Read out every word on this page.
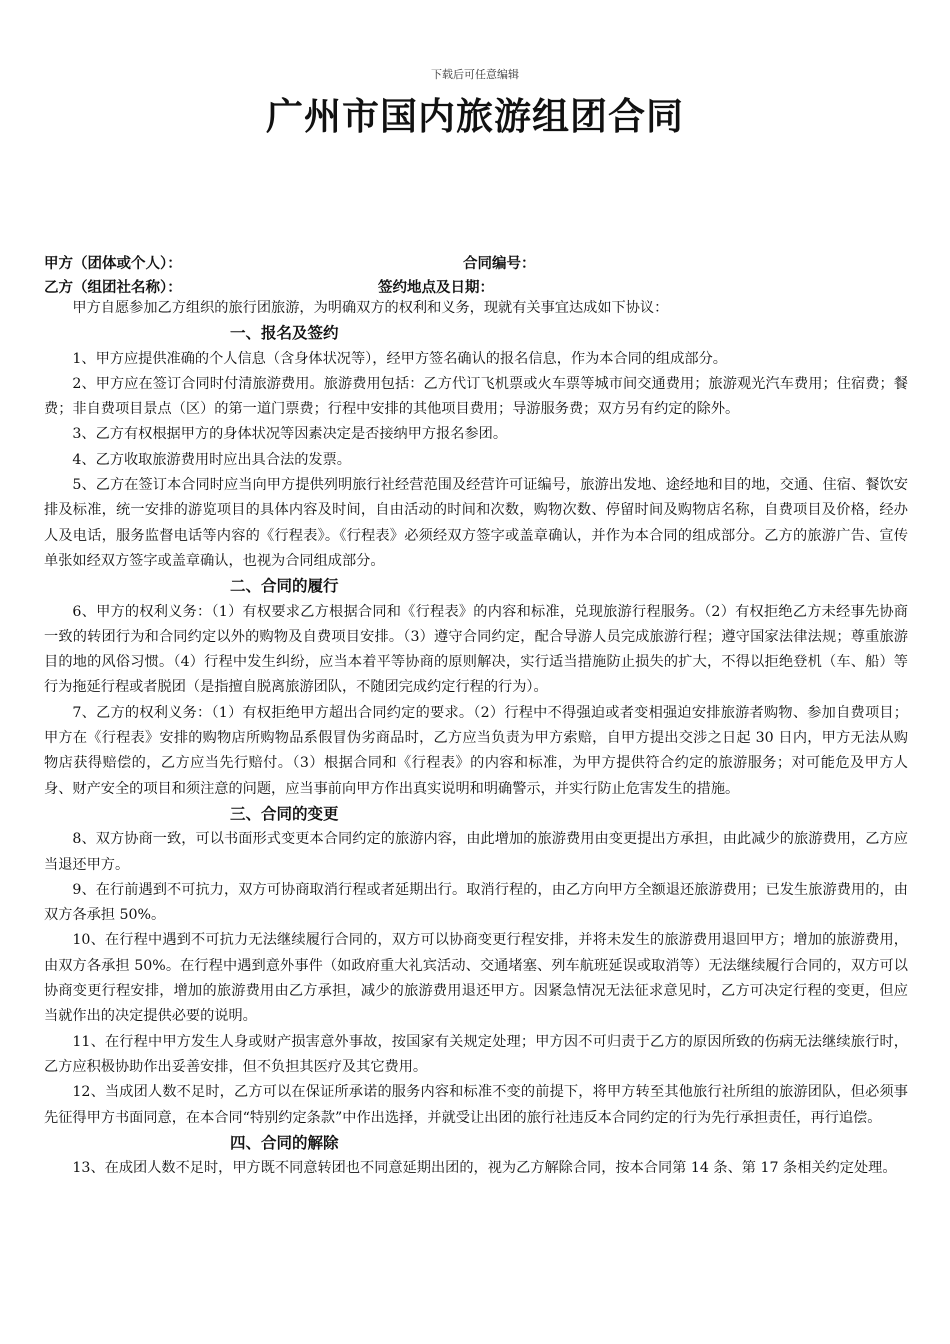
下载后可任意编辑
广州市国内旅游组团合同
甲方（团体或个人）：	合同编号：
乙方（组团社名称）：	签约地点及日期：

甲方自愿参加乙方组织的旅行团旅游，为明确双方的权利和义务，现就有关事宜达成如下协议：

一、报名及签约

1、甲方应提供准确的个人信息（含身体状况等），经甲方签名确认的报名信息，作为本合同的组成部分。

2、甲方应在签订合同时付清旅游费用。旅游费用包括：乙方代订飞机票或火车票等城市间交通费用；旅游观光汽车费用；住宿费；餐费；非自费项目景点（区）的第一道门票费；行程中安排的其他项目费用；导游服务费；双方另有约定的除外。

3、乙方有权根据甲方的身体状况等因素决定是否接纳甲方报名参团。

4、乙方收取旅游费用时应出具合法的发票。

5、乙方在签订本合同时应当向甲方提供列明旅行社经营范围及经营许可证编号，旅游出发地、途经地和目的地，交通、住宿、餐饮安排及标准，统一安排的游览项目的具体内容及时间，自由活动的时间和次数，购物次数、停留时间及购物店名称，自费项目及价格，经办人及电话，服务监督电话等内容的《行程表》。《行程表》必须经双方签字或盖章确认，并作为本合同的组成部分。乙方的旅游广告、宣传单张如经双方签字或盖章确认，也视为合同组成部分。

二、合同的履行

6、甲方的权利义务：（1）有权要求乙方根据合同和《行程表》的内容和标准，兑现旅游行程服务。（2）有权拒绝乙方未经事先协商一致的转团行为和合同约定以外的购物及自费项目安排。（3）遵守合同约定，配合导游人员完成旅游行程；遵守国家法律法规；尊重旅游目的地的风俗习惯。（4）行程中发生纠纷，应当本着平等协商的原则解决，实行适当措施防止损失的扩大，不得以拒绝登机（车、船）等行为拖延行程或者脱团（是指擅自脱离旅游团队，不随团完成约定行程的行为）。

7、乙方的权利义务：（1）有权拒绝甲方超出合同约定的要求。（2）行程中不得强迫或者变相强迫安排旅游者购物、参加自费项目；甲方在《行程表》安排的购物店所购物品系假冒伪劣商品时，乙方应当负责为甲方索赔，自甲方提出交涉之日起 30 日内，甲方无法从购物店获得赔偿的，乙方应当先行赔付。（3）根据合同和《行程表》的内容和标准，为甲方提供符合约定的旅游服务；对可能危及甲方人身、财产安全的项目和须注意的问题，应当事前向甲方作出真实说明和明确警示，并实行防止危害发生的措施。

三、合同的变更

8、双方协商一致，可以书面形式变更本合同约定的旅游内容，由此增加的旅游费用由变更提出方承担，由此减少的旅游费用，乙方应当退还甲方。

9、在行前遇到不可抗力，双方可协商取消行程或者延期出行。取消行程的，由乙方向甲方全额退还旅游费用；已发生旅游费用的，由双方各承担 50%。

10、在行程中遇到不可抗力无法继续履行合同的，双方可以协商变更行程安排，并将未发生的旅游费用退回甲方；增加的旅游费用，由双方各承担 50%。在行程中遇到意外事件（如政府重大礼宾活动、交通堵塞、列车航班延误或取消等）无法继续履行合同的，双方可以协商变更行程安排，增加的旅游费用由乙方承担，减少的旅游费用退还甲方。因紧急情况无法征求意见时，乙方可决定行程的变更，但应当就作出的决定提供必要的说明。

11、在行程中甲方发生人身或财产损害意外事故，按国家有关规定处理；甲方因不可归责于乙方的原因所致的伤病无法继续旅行时，乙方应积极协助作出妥善安排，但不负担其医疗及其它费用。

12、当成团人数不足时，乙方可以在保证所承诺的服务内容和标准不变的前提下，将甲方转至其他旅行社所组的旅游团队，但必须事先征得甲方书面同意，在本合同“特别约定条款”中作出选择，并就受让出团的旅行社违反本合同约定的行为先行承担责任，再行追偿。

四、合同的解除

13、在成团人数不足时，甲方既不同意转团也不同意延期出团的，视为乙方解除合同，按本合同第 14 条、第 17 条相关约定处理。
